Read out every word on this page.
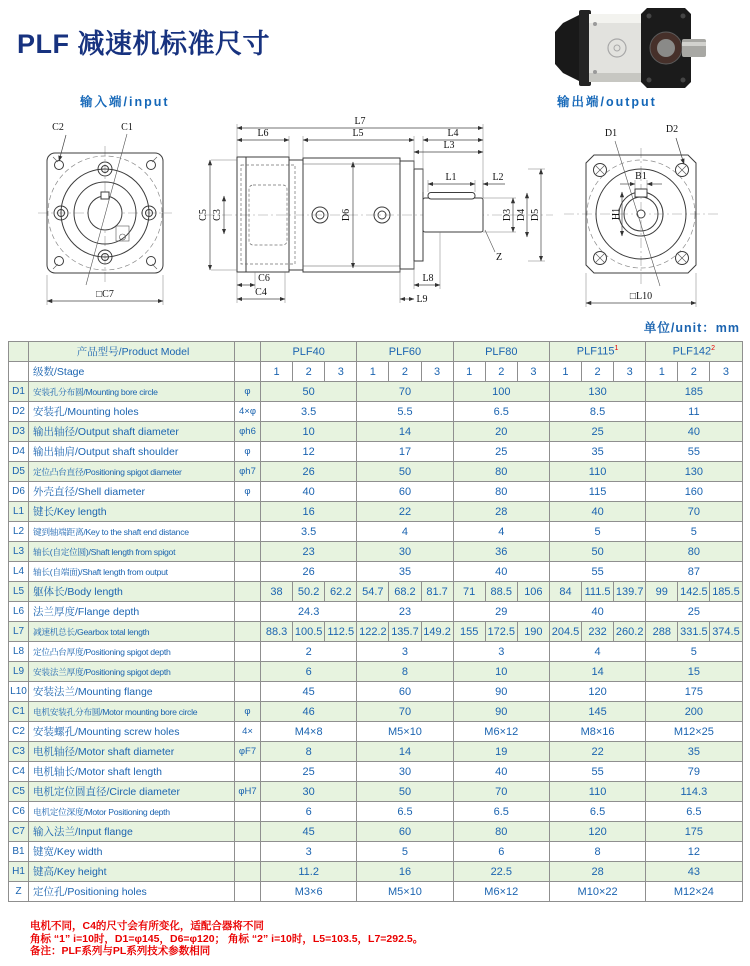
PLF 减速机标准尺寸
输入端/input	输出端/output
C2	C1
□C7
L7
L6	L5	L4
L3
L1	L2
C5 C3	D6	D3 D4 D5
Z
L8
L9
C6
C4
B1
H1
D1	D2
□L10
单位/unit：mm
	产品型号/Product Model		PLF40			PLF60			PLF80			$PLF115^1$			$PLF142^2$
	级数/Stage		1	2	3	1	2	3	1	2	3	1	2	3	1	2	3
D1	安装孔分布圆/Mounting bore circle	φ	50			70			100			130			185		
D2	安装孔/Mounting holes	4×φ	3.5			5.5			6.5			8.5			11		
D3	输出轴径/Output shaft diameter	φh6	10			14			20			25			40		
D4	输出轴肩/Output shaft shoulder	φ	12			17			25			35			55		
D5	定位凸台直径/Positioning spigot diameter	φh7	26			50			80			110			130		
D6	外壳直径/Shell diameter	φ	40			60			80			115			160		
L1	键长/Key length		16			22			28			40			70		
L2	键到轴端距离/Key to the shaft end distance		3.5			4			4			5			5		
L3	轴长(自定位圆)/Shaft length from spigot		23			30			36			50			80		
L4	轴长(自端面)/Shaft length from output		26			35			40			55			87		
L5	躯体长/Body length		38	50.2	62.2	54.7	68.2	81.7	71	88.5	106	84	111.5	139.7	99	142.5	185.5
L6	法兰厚度/Flange depth		24.3			23			29			40			25		
L7	减速机总长/Gearbox total length		88.3	100.5	112.5	122.2	135.7	149.2	155	172.5	190	204.5	232	260.2	288	331.5	374.5
L8	定位凸台厚度/Positioning spigot depth		2			3			3			4			5		
L9	安装法兰厚度/Positioning spigot depth		6			8			10			14			15		
L10	安装法兰/Mounting flange		45			60			90			120			175		
C1	电机安装孔分布圆/Motor mounting bore circle	φ	46			70			90			145			200		
C2	安装螺孔/Mounting screw holes	4×	M4×8			M5×10			M6×12			M8×16			M12×25		
C3	电机轴径/Motor shaft diameter	φF7	8			14			19			22			35		
C4	电机轴长/Motor shaft length		25			30			40			55			79		
C5	电机定位圆直径/Circle diameter	φH7	30			50			70			110			114.3		
C6	电机定位深度/Motor Positioning depth		6			6.5			6.5			6.5			6.5		
C7	输入法兰/Input flange		45			60			80			120			175		
B1	键宽/Key width		3			5			6			8			12		
H1	键高/Key height		11.2			16			22.5			28			43		
Z	定位孔/Positioning holes		M3×6			M5×10			M6×12			M10×22			M12×24		
电机不同，C4的尺寸会有所变化，适配合器将不同
角标 “1” i=10时，D1=φ145，D6=φ120； 角标 “2” i=10时，L5=103.5，L7=292.5。
备注：PLF系列与PL系列技术参数相同
